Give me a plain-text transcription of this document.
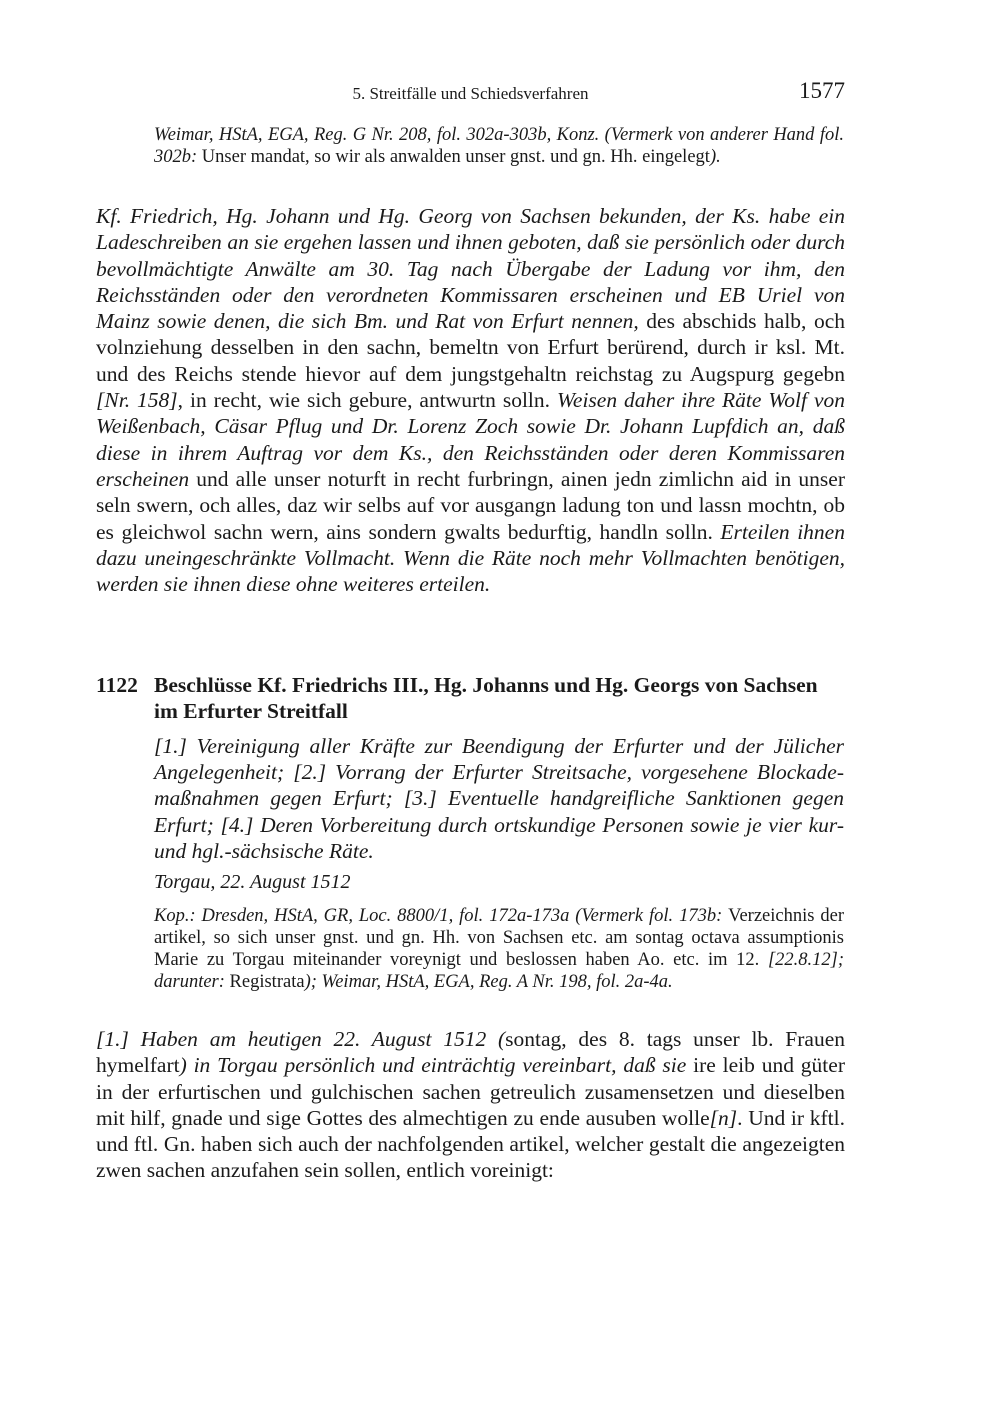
5. Streitfälle und Schiedsverfahren	1577

Weimar, HStA, EGA, Reg. G Nr. 208, fol. 302a-303b, Konz. (Vermerk von anderer Hand fol. 302b: Unser mandat, so wir als anwalden unser gnst. und gn. Hh. eingelegt).

Kf. Friedrich, Hg. Johann und Hg. Georg von Sachsen bekunden, der Ks. habe ein Ladeschreiben an sie ergehen lassen und ihnen geboten, daß sie persönlich oder durch bevollmächtigte Anwälte am 30. Tag nach Übergabe der Ladung vor ihm, den Reichsständen oder den verordneten Kommissaren erscheinen und EB Uriel von Mainz sowie denen, die sich Bm. und Rat von Erfurt nennen, des abschids halb, och volnziehung desselben in den sachn, bemeltn von Erfurt berürend, durch ir ksl. Mt. und des Reichs stende hievor auf dem jungstgehaltn reichstag zu Augspurg gegebn [Nr. 158], in recht, wie sich gebure, antwurtn solln. Weisen daher ihre Räte Wolf von Weißenbach, Cäsar Pflug und Dr. Lorenz Zoch sowie Dr. Johann Lupfdich an, daß diese in ihrem Auftrag vor dem Ks., den Reichsständen oder deren Kommissaren erscheinen und alle unser noturft in recht furbringn, ainen jedn zimlichn aid in unser seln swern, och alles, daz wir selbs auf vor ausgangn ladung ton und lassn mochtn, ob es gleichwol sachn wern, ains sondern gwalts bedurftig, handln solln. Erteilen ihnen dazu uneingeschränkte Vollmacht. Wenn die Räte noch mehr Vollmachten benötigen, werden sie ihnen diese ohne weiteres erteilen.

1122 Beschlüsse Kf. Friedrichs III., Hg. Johanns und Hg. Georgs von Sachsen im Erfurter Streitfall

[1.] Vereinigung aller Kräfte zur Beendigung der Erfurter und der Jülicher Angelegenheit; [2.] Vorrang der Erfurter Streitsache, vorgesehene Blockademaßnahmen gegen Erfurt; [3.] Eventuelle handgreifliche Sanktionen gegen Erfurt; [4.] Deren Vorbereitung durch ortskundige Personen sowie je vier kur- und hgl.-sächsische Räte.

Torgau, 22. August 1512

Kop.: Dresden, HStA, GR, Loc. 8800/1, fol. 172a-173a (Vermerk fol. 173b: Verzeichnis der artikel, so sich unser gnst. und gn. Hh. von Sachsen etc. am sontag octava assumptionis Marie zu Torgau miteinander voreynigt und beslossen haben Ao. etc. im 12. [22.8.12]; darunter: Registrata); Weimar, HStA, EGA, Reg. A Nr. 198, fol. 2a-4a.

[1.] Haben am heutigen 22. August 1512 (sontag, des 8. tags unser lb. Frauen hymelfart) in Torgau persönlich und einträchtig vereinbart, daß sie ire leib und güter in der erfurtischen und gulchischen sachen getreulich zusamensetzen und dieselben mit hilf, gnade und sige Gottes des almechtigen zu ende ausuben wolle[n]. Und ir kftl. und ftl. Gn. haben sich auch der nachfolgenden artikel, welcher gestalt die angezeigten zwen sachen anzufahen sein sollen, entlich voreinigt:
